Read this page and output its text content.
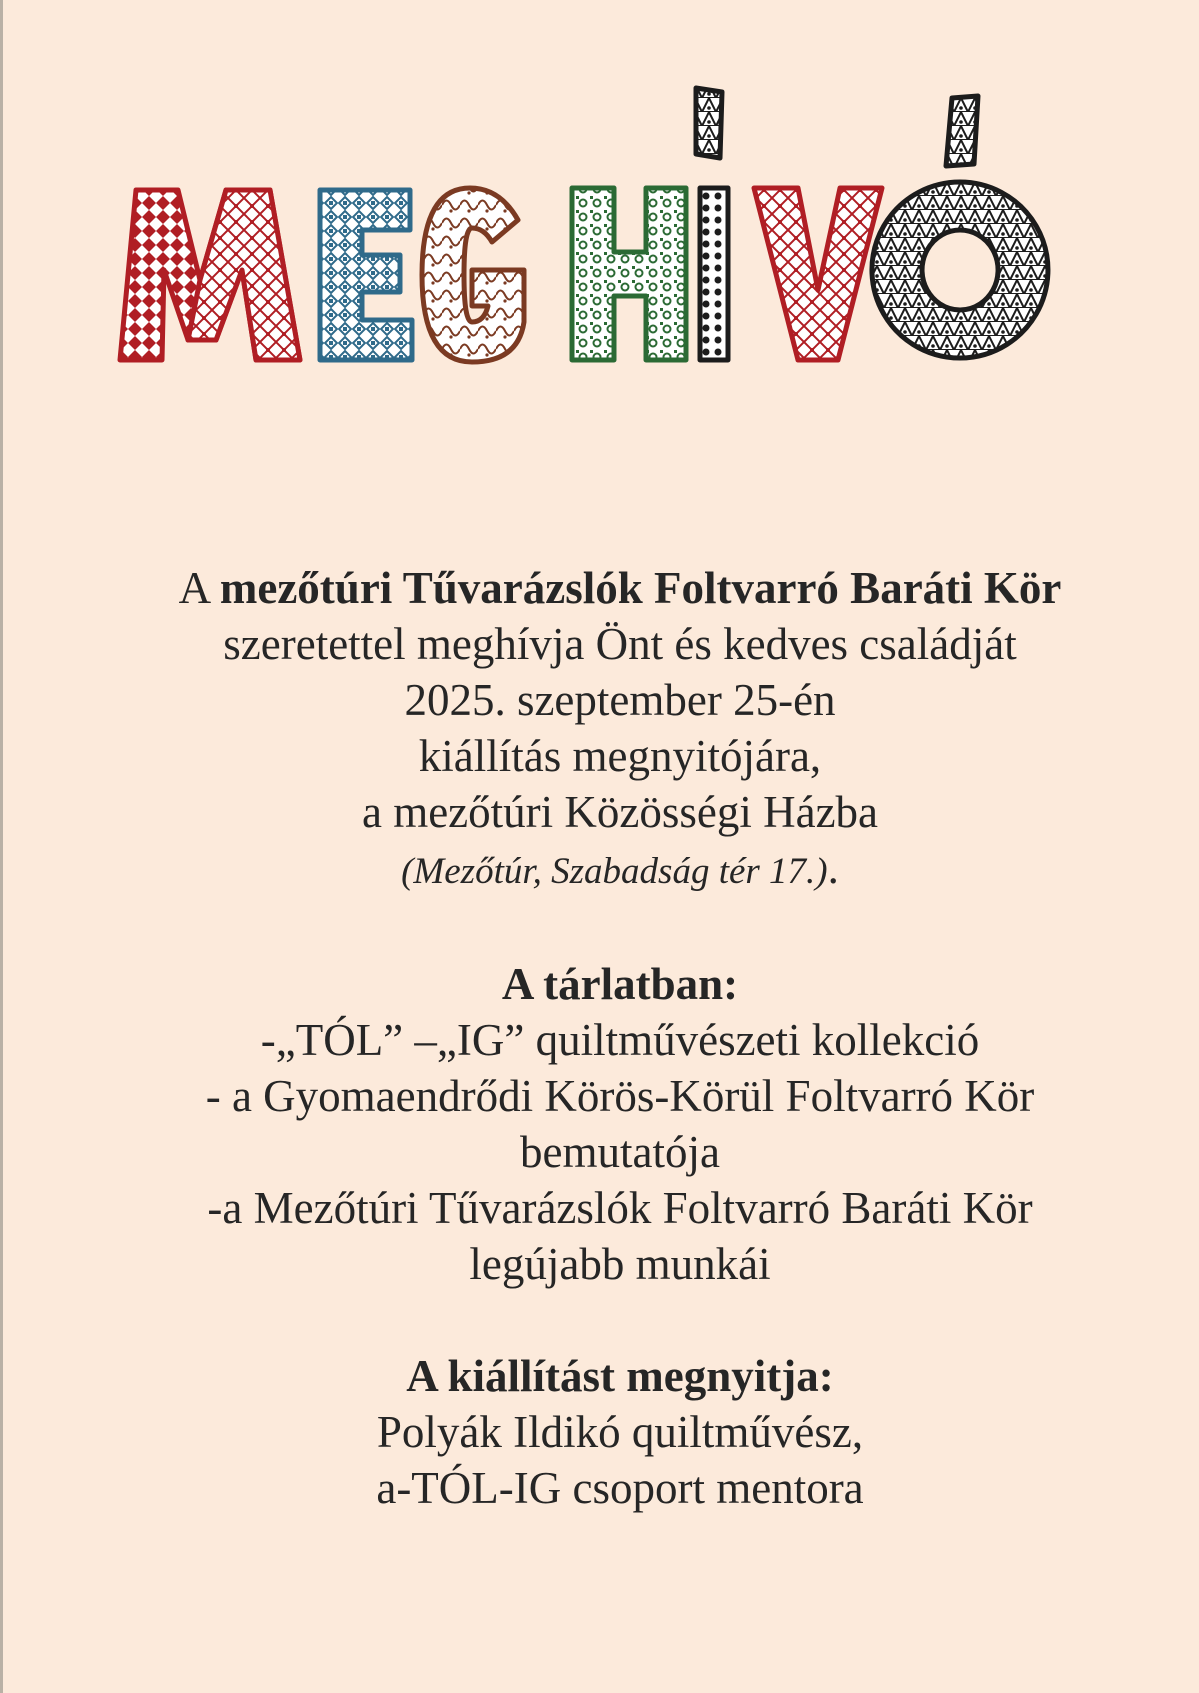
A mezőtúri Tűvarázslók Foltvarró Baráti Kör
szeretettel meghívja Önt és kedves családját
2025. szeptember 25-én
kiállítás megnyitójára,
a mezőtúri Közösségi Házba
(Mezőtúr, Szabadság tér 17.).
A tárlatban:
-„TÓL” –„IG” quiltművészeti kollekció
- a Gyomaendrődi Körös-Körül Foltvarró Kör
bemutatója
-a Mezőtúri Tűvarázslók Foltvarró Baráti Kör
legújabb munkái
A kiállítást megnyitja:
Polyák Ildikó quiltművész,
a-TÓL-IG csoport mentora
